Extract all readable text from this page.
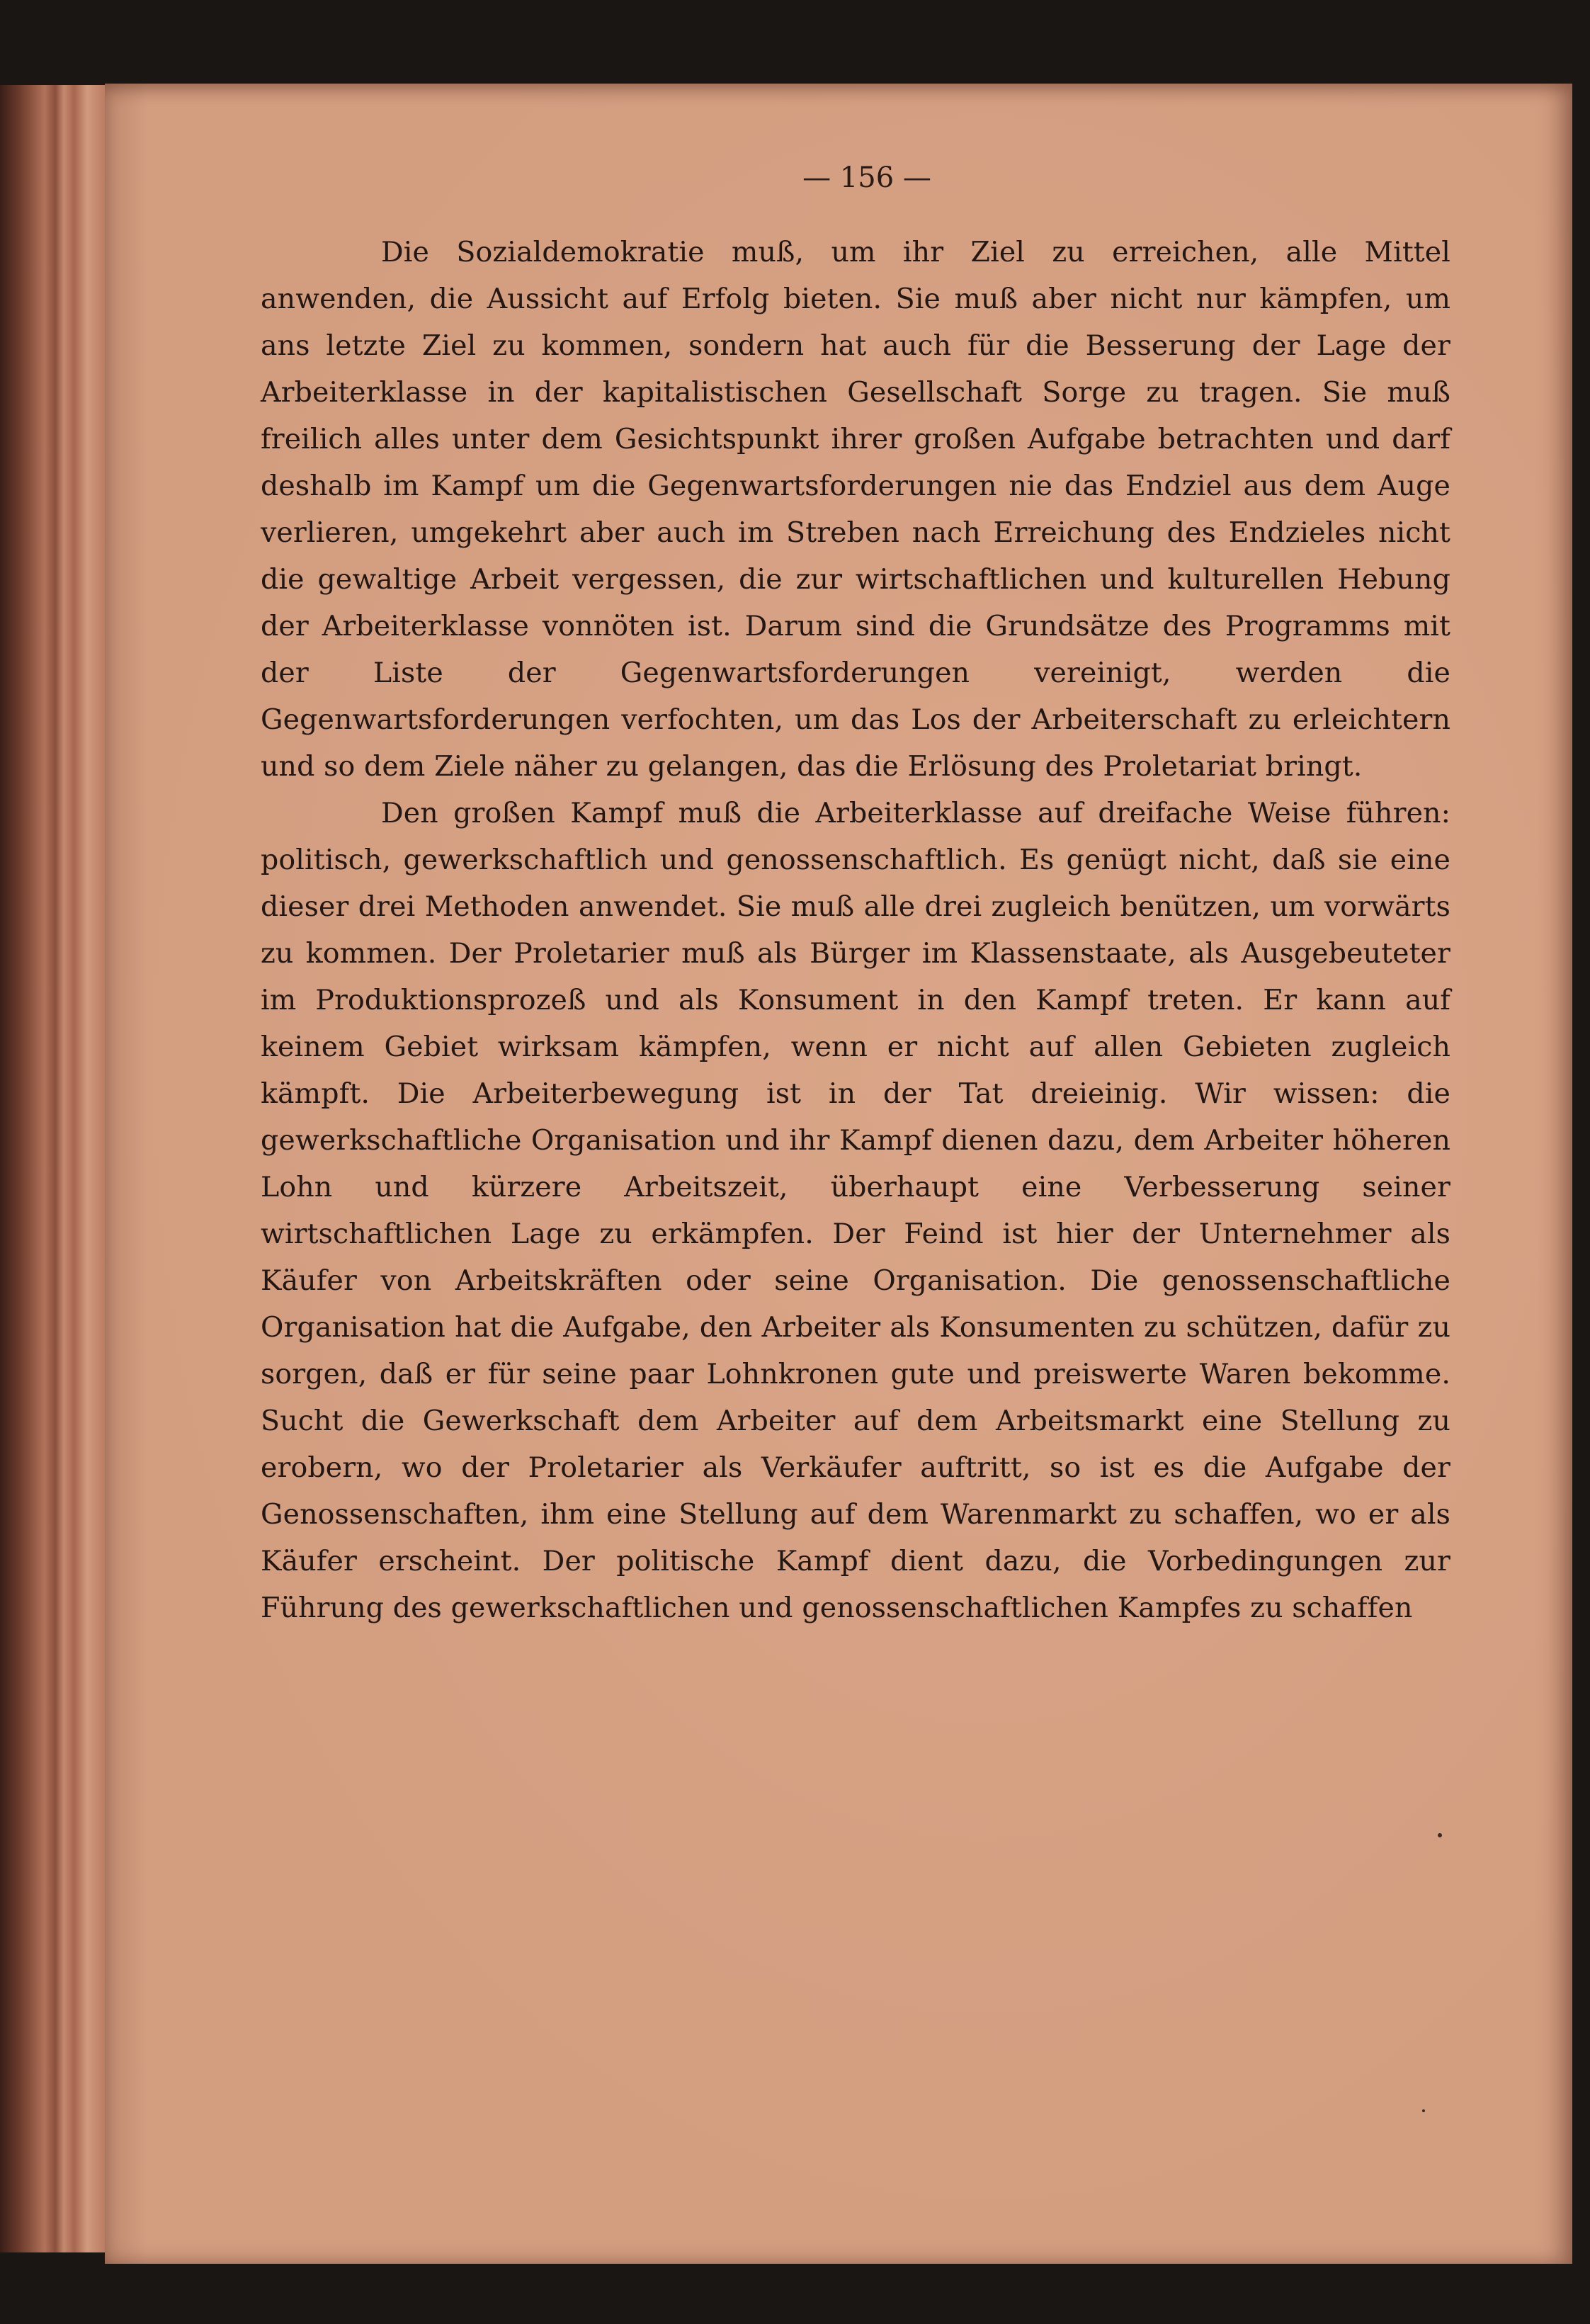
— 156 —

Die Sozialdemokratie muß, um ihr Ziel zu erreichen, alle Mittel anwenden, die Aussicht auf Erfolg bieten. Sie muß aber nicht nur kämpfen, um ans letzte Ziel zu kommen, sondern hat auch für die Besserung der Lage der Arbeiterklasse in der kapitalistischen Gesellschaft Sorge zu tragen. Sie muß freilich alles unter dem Gesichtspunkt ihrer großen Aufgabe betrachten und darf deshalb im Kampf um die Gegenwartsforderungen nie das Endziel aus dem Auge verlieren, umgekehrt aber auch im Streben nach Erreichung des Endzieles nicht die gewaltige Arbeit vergessen, die zur wirtschaftlichen und kulturellen Hebung der Arbeiterklasse vonnöten ist. Darum sind die Grundsätze des Programms mit der Liste der Gegenwartsforderungen vereinigt, werden die Gegenwartsforderungen verfochten, um das Los der Arbeiterschaft zu erleichtern und so dem Ziele näher zu gelangen, das die Erlösung des Proletariat bringt.

Den großen Kampf muß die Arbeiterklasse auf dreifache Weise führen: politisch, gewerkschaftlich und genossenschaftlich. Es genügt nicht, daß sie eine dieser drei Methoden anwendet. Sie muß alle drei zugleich benützen, um vorwärts zu kommen. Der Proletarier muß als Bürger im Klassenstaate, als Ausgebeuteter im Produktionsprozeß und als Konsument in den Kampf treten. Er kann auf keinem Gebiet wirksam kämpfen, wenn er nicht auf allen Gebieten zugleich kämpft. Die Arbeiterbewegung ist in der Tat dreieinig. Wir wissen: die gewerkschaftliche Organisation und ihr Kampf dienen dazu, dem Arbeiter höheren Lohn und kürzere Arbeitszeit, überhaupt eine Verbesserung seiner wirtschaftlichen Lage zu erkämpfen. Der Feind ist hier der Unternehmer als Käufer von Arbeitskräften oder seine Organisation. Die genossenschaftliche Organisation hat die Aufgabe, den Arbeiter als Konsumenten zu schützen, dafür zu sorgen, daß er für seine paar Lohnkronen gute und preiswerte Waren bekomme. Sucht die Gewerkschaft dem Arbeiter auf dem Arbeitsmarkt eine Stellung zu erobern, wo der Proletarier als Verkäufer auftritt, so ist es die Aufgabe der Genossenschaften, ihm eine Stellung auf dem Warenmarkt zu schaffen, wo er als Käufer erscheint. Der politische Kampf dient dazu, die Vorbedingungen zur Führung des gewerkschaftlichen und genossenschaftlichen Kampfes zu schaffen
